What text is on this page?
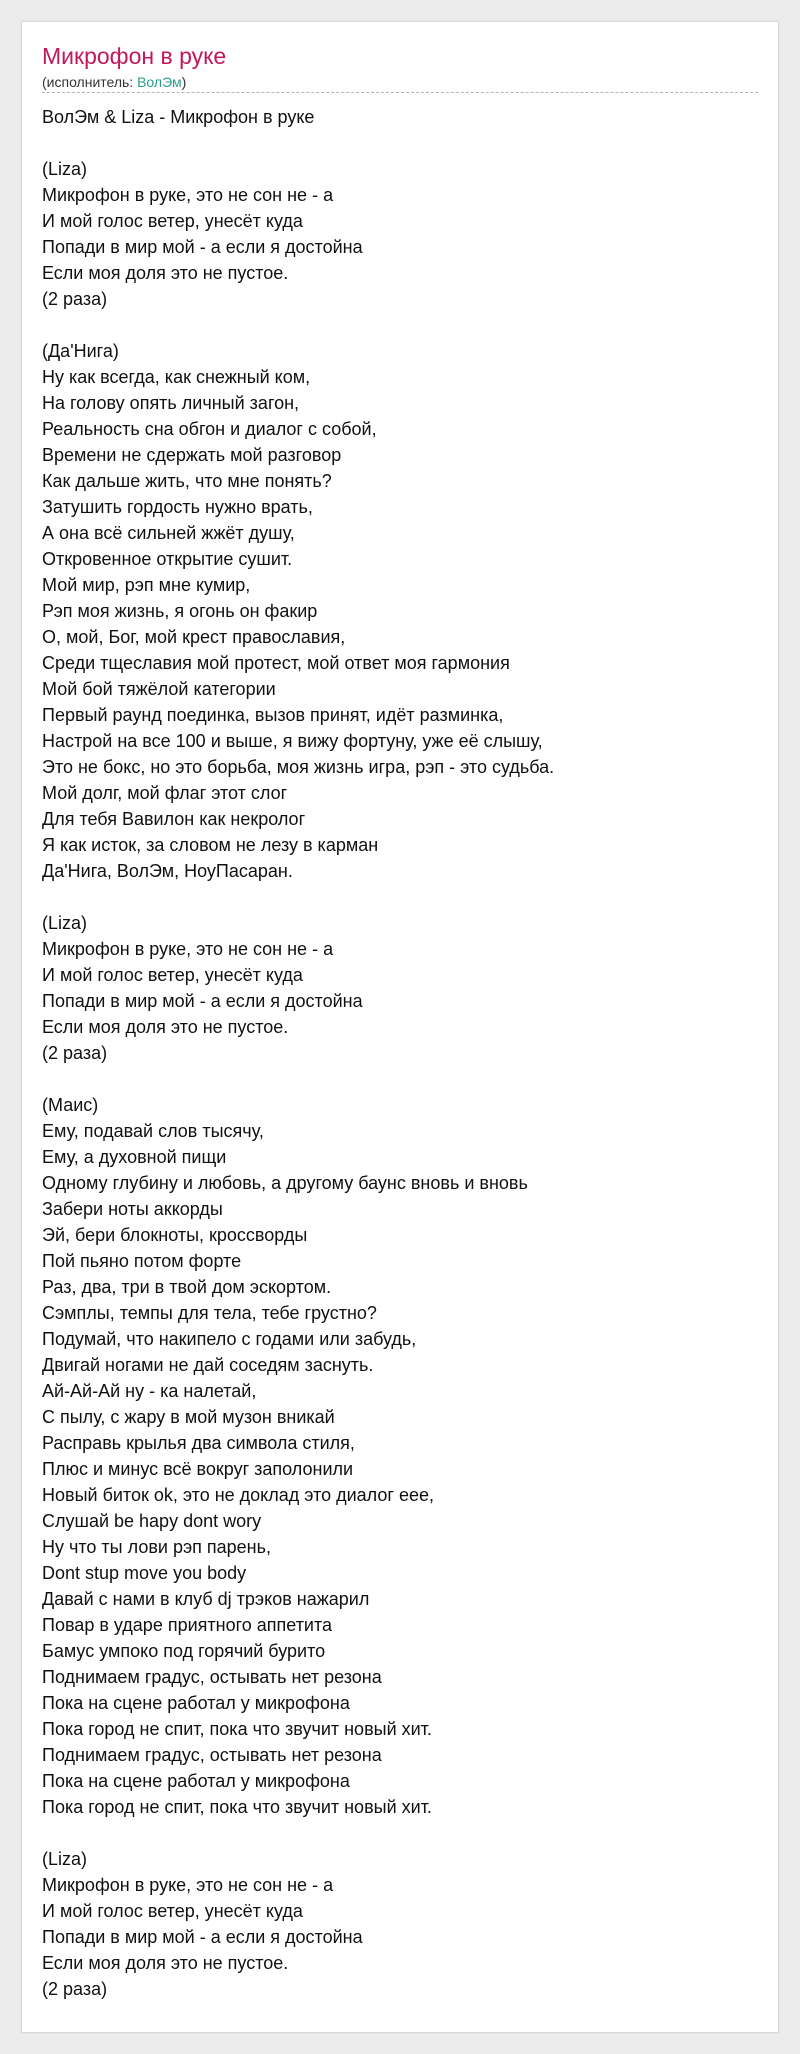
Микрофон в руке
(исполнитель: ВолЭм)
ВолЭм & Liza - Микрофон в руке
(Liza)
Микрофон в руке, это не сон не - а
И мой голос ветер, унесёт куда
Попади в мир мой - а если я достойна
Если моя доля это не пустое.
(2 раза)
(Да'Нига)
Ну как всегда, как снежный ком,
На голову опять личный загон,
Реальность сна обгон и диалог с собой,
Времени не сдержать мой разговор
Как дальше жить, что мне понять?
Затушить гордость нужно врать,
А она всё сильней жжёт душу,
Откровенное открытие сушит.
Мой мир, рэп мне кумир,
Рэп моя жизнь, я огонь он факир
О, мой, Бог, мой крест православия,
Среди тщеславия мой протест, мой ответ моя гармония
Мой бой тяжёлой категории
Первый раунд поединка, вызов принят, идёт разминка,
Настрой на все 100 и выше, я вижу фортуну, уже её слышу,
Это не бокс, но это борьба, моя жизнь игра, рэп - это судьба.
Мой долг, мой флаг этот слог
Для тебя Вавилон как некролог
Я как исток, за словом не лезу в карман
Да'Нига, ВолЭм, НоуПасаран.
(Liza)
Микрофон в руке, это не сон не - а
И мой голос ветер, унесёт куда
Попади в мир мой - а если я достойна
Если моя доля это не пустое.
(2 раза)
(Маис)
Ему, подавай слов тысячу,
Ему, а духовной пищи
Одному глубину и любовь, а другому баунс вновь и вновь
Забери ноты аккорды
Эй, бери блокноты, кроссворды
Пой пьяно потом форте
Раз, два, три в твой дом эскортом.
Сэмплы, темпы для тела, тебе грустно?
Подумай, что накипело с годами или забудь,
Двигай ногами не дай соседям заснуть.
Ай-Ай-Ай ну - ка налетай,
С пылу, с жару в мой музон вникай
Расправь крылья два символа стиля,
Плюс и минус всё вокруг заполонили
Новый биток ok, это не доклад это диалог еее,
Слушай be hapy dont wory
Ну что ты лови рэп парень,
Dont stup move you body
Давай с нами в клуб dj трэков нажарил
Повар в ударе приятного аппетита
Бамус умпоко под горячий бурито
Поднимаем градус, остывать нет резона
Пока на сцене работал у микрофона
Пока город не спит, пока что звучит новый хит.
Поднимаем градус, остывать нет резона
Пока на сцене работал у микрофона
Пока город не спит, пока что звучит новый хит.
(Liza)
Микрофон в руке, это не сон не - а
И мой голос ветер, унесёт куда
Попади в мир мой - а если я достойна
Если моя доля это не пустое.
(2 раза)
